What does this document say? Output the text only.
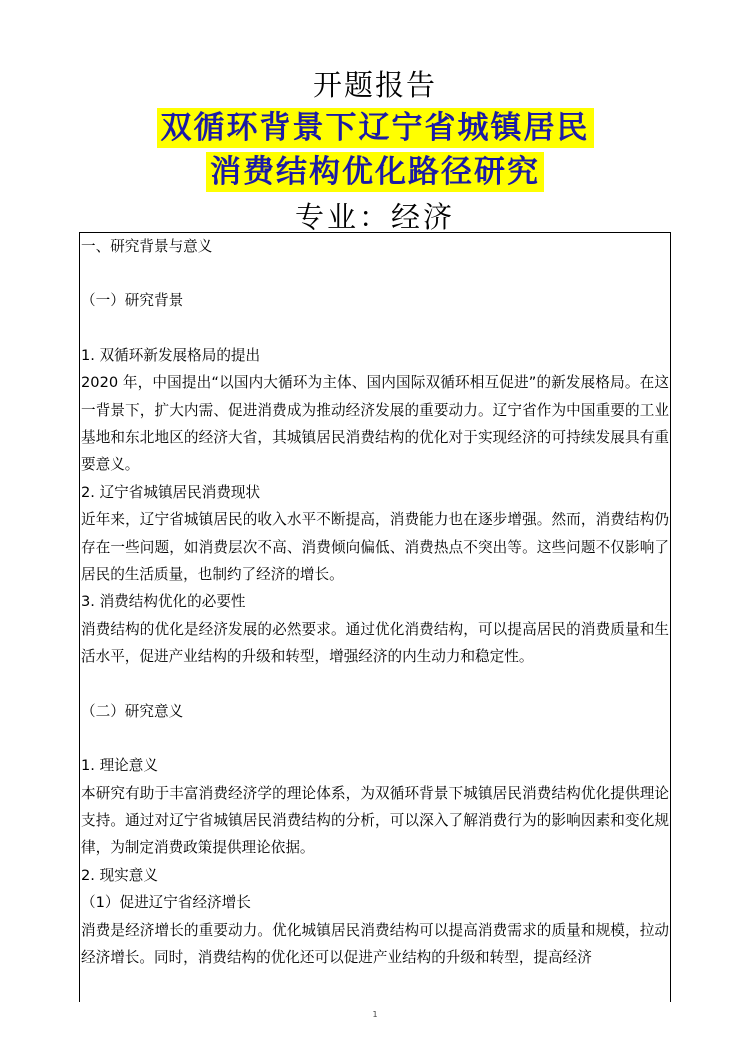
开题报告
双循环背景下辽宁省城镇居民
消费结构优化路径研究
专业：经济

一、研究背景与意义

（一）研究背景

1. 双循环新发展格局的提出

2020 年，中国提出“以国内大循环为主体、国内国际双循环相互促进”的新发展格局。在这一背景下，扩大内需、促进消费成为推动经济发展的重要动力。辽宁省作为中国重要的工业基地和东北地区的经济大省，其城镇居民消费结构的优化对于实现经济的可持续发展具有重要意义。

2. 辽宁省城镇居民消费现状

近年来，辽宁省城镇居民的收入水平不断提高，消费能力也在逐步增强。然而，消费结构仍存在一些问题，如消费层次不高、消费倾向偏低、消费热点不突出等。这些问题不仅影响了居民的生活质量，也制约了经济的增长。

3. 消费结构优化的必要性

消费结构的优化是经济发展的必然要求。通过优化消费结构，可以提高居民的消费质量和生活水平，促进产业结构的升级和转型，增强经济的内生动力和稳定性。

（二）研究意义

1. 理论意义

本研究有助于丰富消费经济学的理论体系，为双循环背景下城镇居民消费结构优化提供理论支持。通过对辽宁省城镇居民消费结构的分析，可以深入了解消费行为的影响因素和变化规律，为制定消费政策提供理论依据。

2. 现实意义

（1）促进辽宁省经济增长

消费是经济增长的重要动力。优化城镇居民消费结构可以提高消费需求的质量和规模，拉动经济增长。同时，消费结构的优化还可以促进产业结构的升级和转型，提高经济

1
